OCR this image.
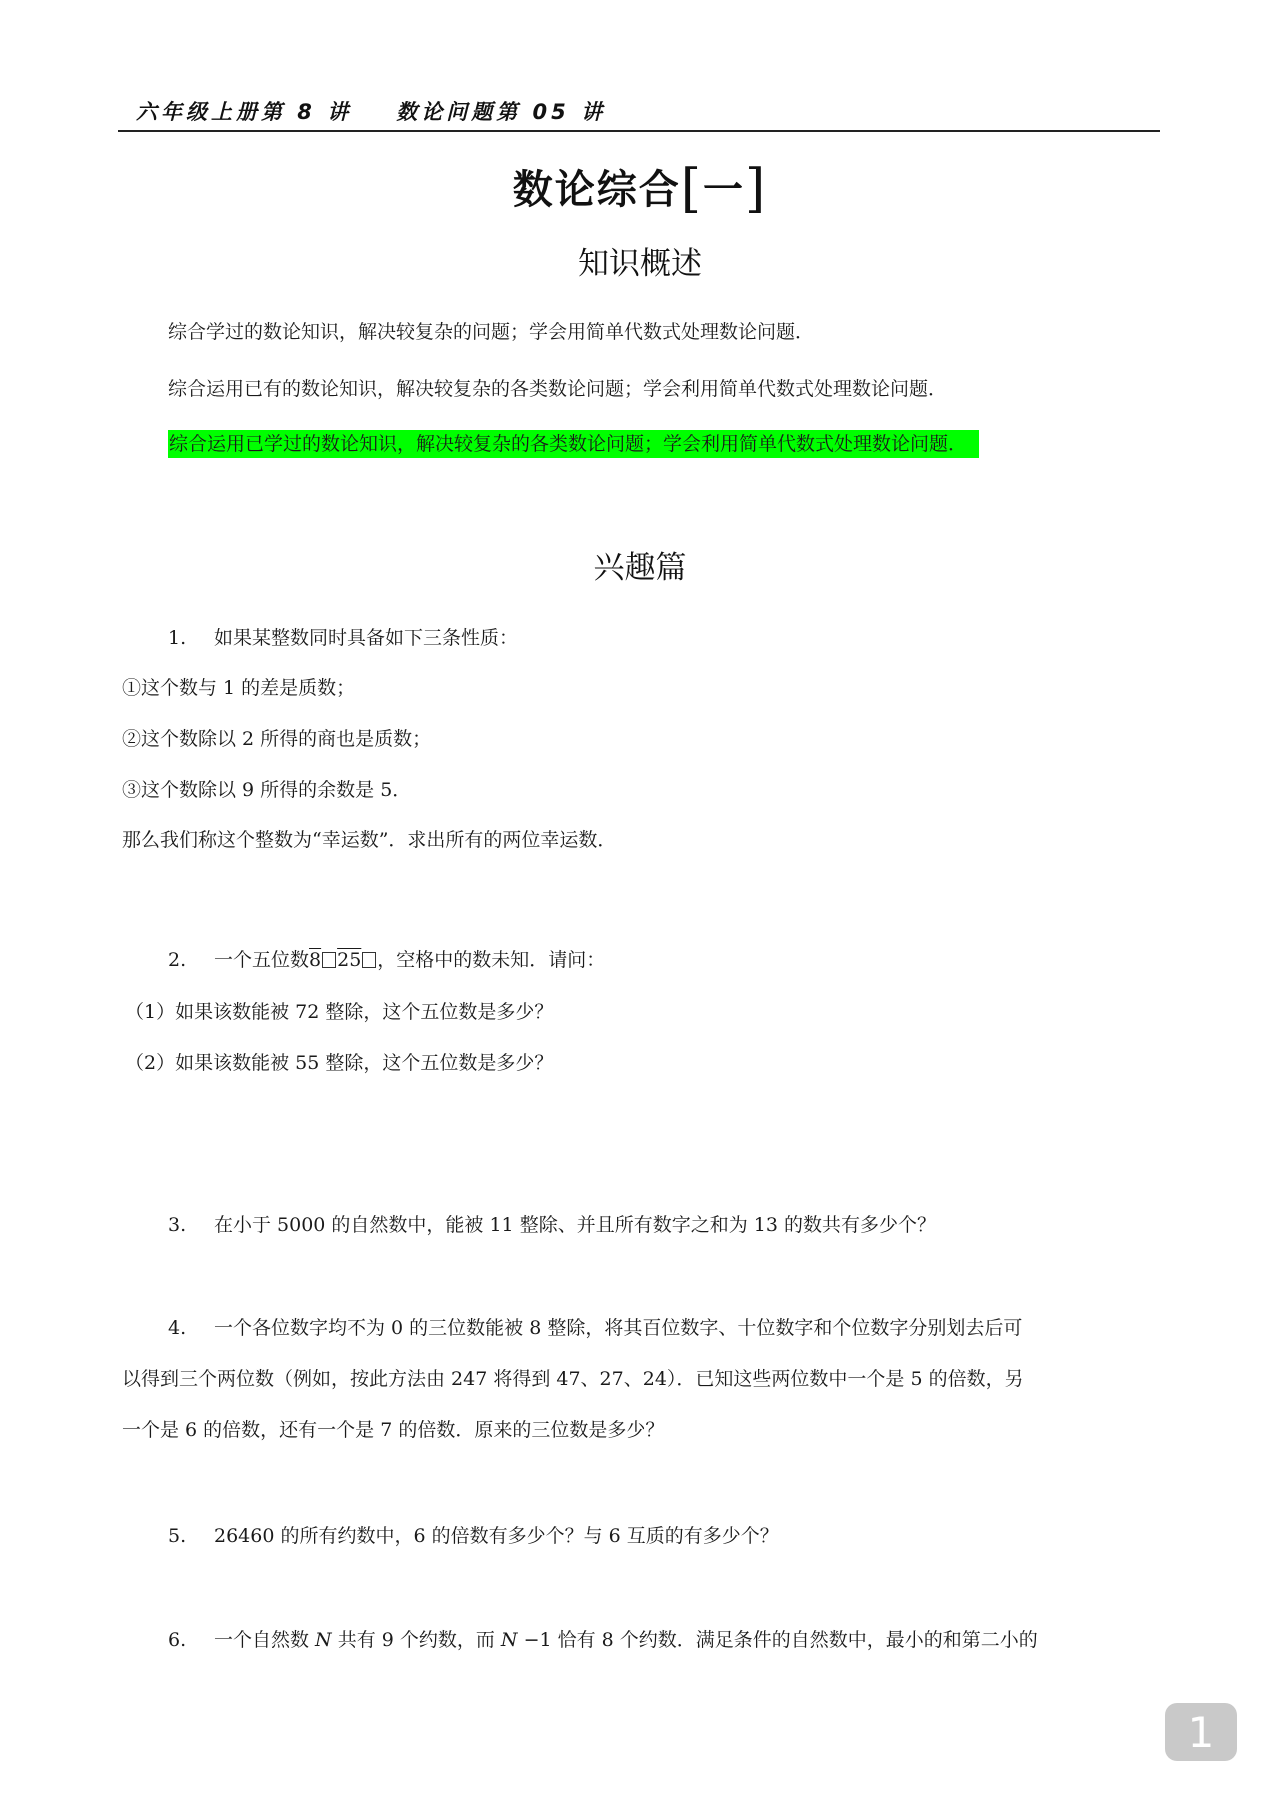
六年级上册第 8 讲 数论问题第 05 讲
数论综合[一]
知识概述
综合学过的数论知识，解决较复杂的问题；学会用简单代数式处理数论问题．
综合运用已有的数论知识，解决较复杂的各类数论问题；学会利用简单代数式处理数论问题．
综合运用已学过的数论知识，解决较复杂的各类数论问题；学会利用简单代数式处理数论问题．
兴趣篇
1. 如果某整数同时具备如下三条性质：
①这个数与 1 的差是质数；
②这个数除以 2 所得的商也是质数；
③这个数除以 9 所得的余数是 5．
那么我们称这个整数为“幸运数”．求出所有的两位幸运数．
2. 一个五位数8 25 ，空格中的数未知．请问：
（1）如果该数能被 72 整除，这个五位数是多少？
（2）如果该数能被 55 整除，这个五位数是多少？
3. 在小于 5000 的自然数中，能被 11 整除、并且所有数字之和为 13 的数共有多少个？
4. 一个各位数字均不为 0 的三位数能被 8 整除，将其百位数字、十位数字和个位数字分别划去后可
以得到三个两位数（例如，按此方法由 247 将得到 47、27、24）．已知这些两位数中一个是 5 的倍数，另
一个是 6 的倍数，还有一个是 7 的倍数．原来的三位数是多少？
5. 26460 的所有约数中，6 的倍数有多少个？与 6 互质的有多少个？
6. 一个自然数 N 共有 9 个约数，而 N −1 恰有 8 个约数．满足条件的自然数中，最小的和第二小的
1
